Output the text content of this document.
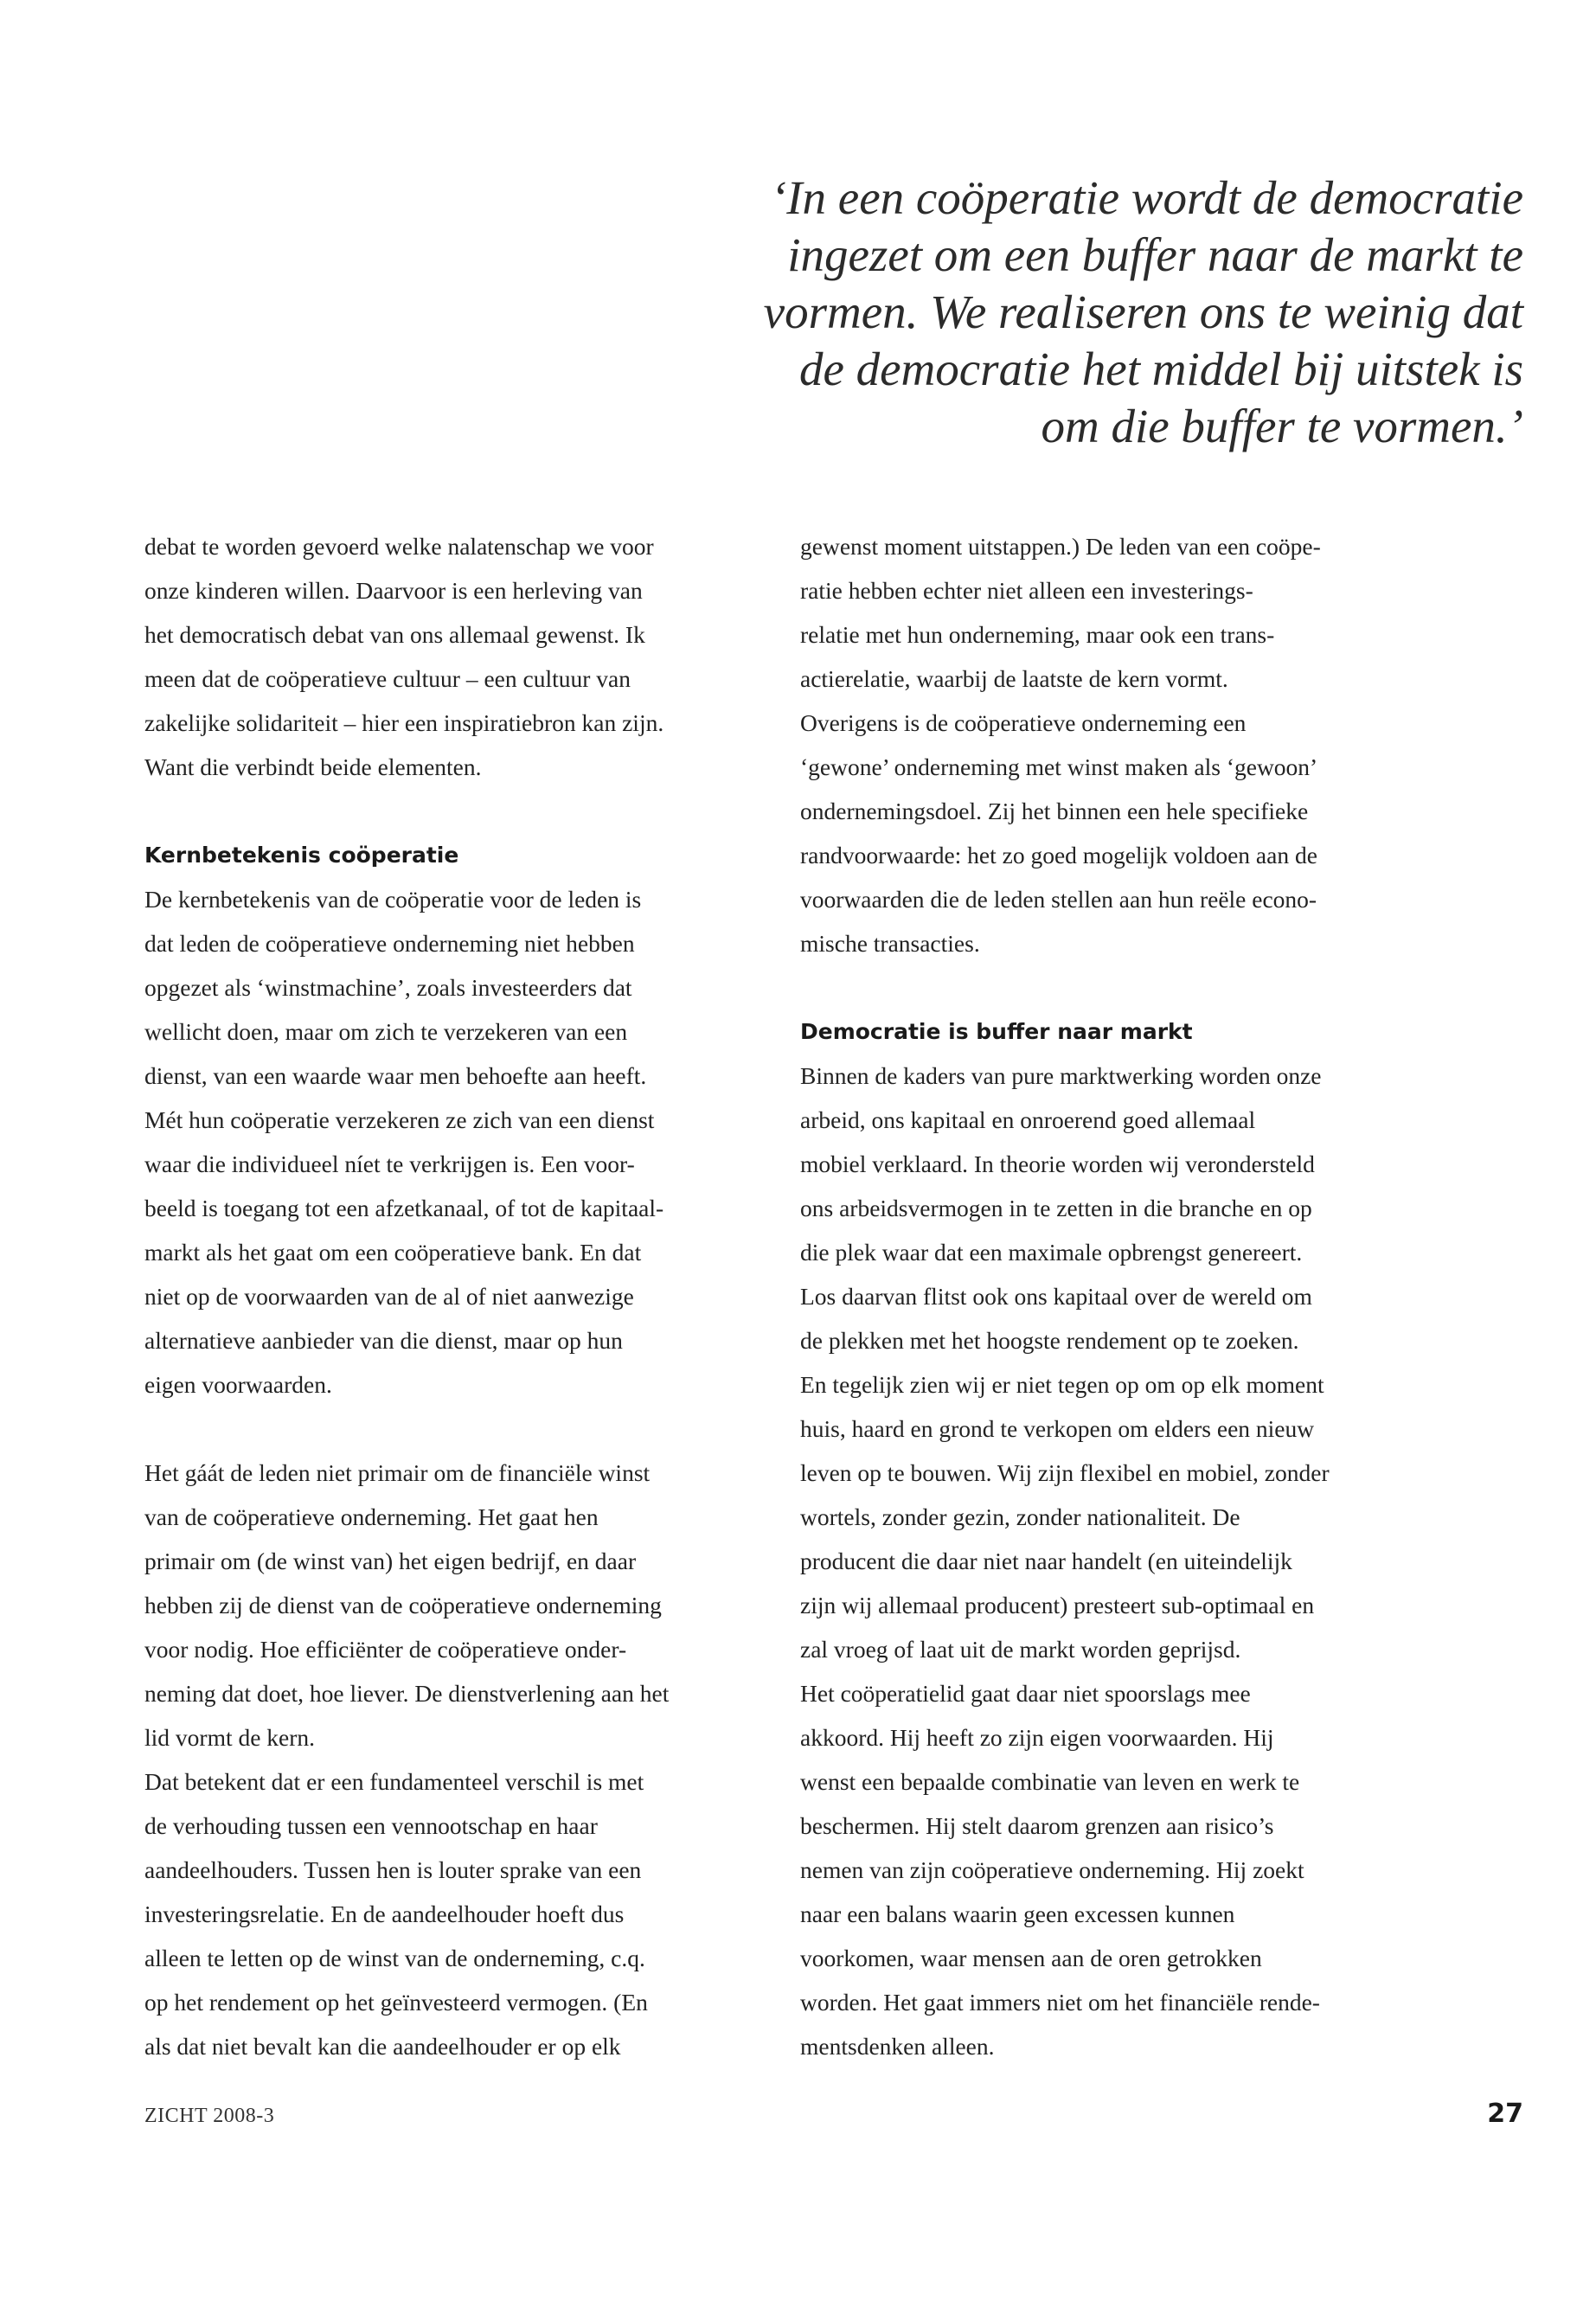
‘In een coöperatie wordt de democratie
ingezet om een buffer naar de markt te
vormen. We realiseren ons te weinig dat
de democratie het middel bij uitstek is
om die buffer te vormen.’

debat te worden gevoerd welke nalatenschap we voor
onze kinderen willen. Daarvoor is een herleving van
het democratisch debat van ons allemaal gewenst. Ik
meen dat de coöperatieve cultuur – een cultuur van
zakelijke solidariteit – hier een inspiratiebron kan zijn.
Want die verbindt beide elementen.

Kernbetekenis coöperatie

De kernbetekenis van de coöperatie voor de leden is
dat leden de coöperatieve onderneming niet hebben
opgezet als ‘winstmachine’, zoals investeerders dat
wellicht doen, maar om zich te verzekeren van een
dienst, van een waarde waar men behoefte aan heeft.
Mét hun coöperatie verzekeren ze zich van een dienst
waar die individueel níet te verkrijgen is. Een voor-
beeld is toegang tot een afzetkanaal, of tot de kapitaal-
markt als het gaat om een coöperatieve bank. En dat
niet op de voorwaarden van de al of niet aanwezige
alternatieve aanbieder van die dienst, maar op hun
eigen voorwaarden.

Het gáát de leden niet primair om de financiële winst
van de coöperatieve onderneming. Het gaat hen
primair om (de winst van) het eigen bedrijf, en daar
hebben zij de dienst van de coöperatieve onderneming
voor nodig. Hoe efficiënter de coöperatieve onder-
neming dat doet, hoe liever. De dienstverlening aan het
lid vormt de kern.

Dat betekent dat er een fundamenteel verschil is met
de verhouding tussen een vennootschap en haar
aandeelhouders. Tussen hen is louter sprake van een
investeringsrelatie. En de aandeelhouder hoeft dus
alleen te letten op de winst van de onderneming, c.q.
op het rendement op het geïnvesteerd vermogen. (En
als dat niet bevalt kan die aandeelhouder er op elk

gewenst moment uitstappen.) De leden van een coöpe-
ratie hebben echter niet alleen een investerings-
relatie met hun onderneming, maar ook een trans-
actierelatie, waarbij de laatste de kern vormt.
Overigens is de coöperatieve onderneming een
‘gewone’ onderneming met winst maken als ‘gewoon’
ondernemingsdoel. Zij het binnen een hele specifieke
randvoorwaarde: het zo goed mogelijk voldoen aan de
voorwaarden die de leden stellen aan hun reële econo-
mische transacties.

Democratie is buffer naar markt

Binnen de kaders van pure marktwerking worden onze
arbeid, ons kapitaal en onroerend goed allemaal
mobiel verklaard. In theorie worden wij verondersteld
ons arbeidsvermogen in te zetten in die branche en op
die plek waar dat een maximale opbrengst genereert.
Los daarvan flitst ook ons kapitaal over de wereld om
de plekken met het hoogste rendement op te zoeken.
En tegelijk zien wij er niet tegen op om op elk moment
huis, haard en grond te verkopen om elders een nieuw
leven op te bouwen. Wij zijn flexibel en mobiel, zonder
wortels, zonder gezin, zonder nationaliteit. De
producent die daar niet naar handelt (en uiteindelijk
zijn wij allemaal producent) presteert sub-optimaal en
zal vroeg of laat uit de markt worden geprijsd.

Het coöperatielid gaat daar niet spoorslags mee
akkoord. Hij heeft zo zijn eigen voorwaarden. Hij
wenst een bepaalde combinatie van leven en werk te
beschermen. Hij stelt daarom grenzen aan risico’s
nemen van zijn coöperatieve onderneming. Hij zoekt
naar een balans waarin geen excessen kunnen
voorkomen, waar mensen aan de oren getrokken
worden. Het gaat immers niet om het financiële rende-
mentsdenken alleen.

ZICHT 2008-3	27
